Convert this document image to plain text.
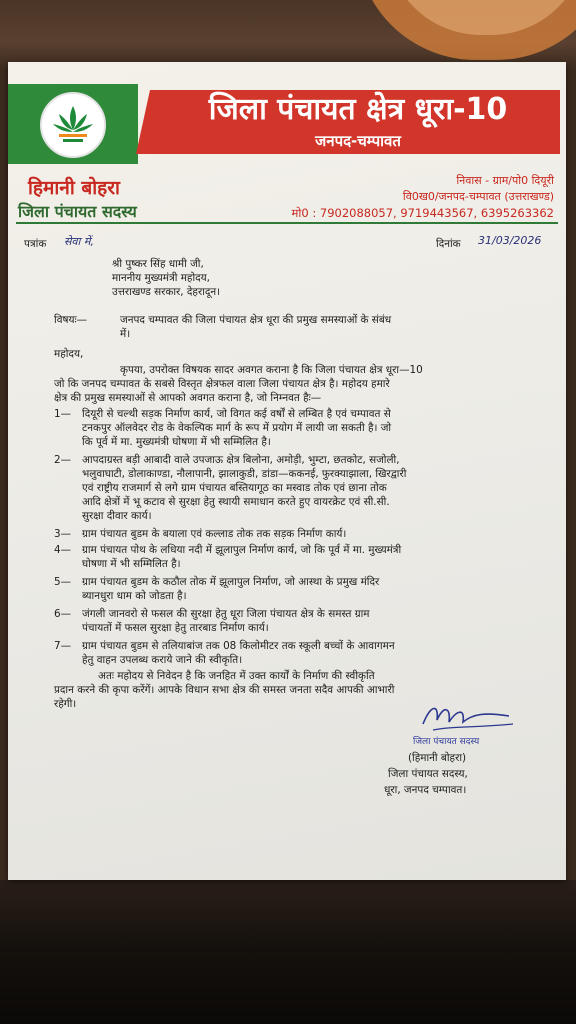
जिला पंचायत क्षेत्र धूरा-10
जनपद-चम्पावत
हिमानी बोहरा
जिला पंचायत सदस्य
निवास - ग्राम/पो0 दियूरी
वि0ख0/जनपद-चम्पावत (उत्तराखण्ड)
मो0 : 7902088057, 9719443567, 6395263362
पत्रांक सेवा में,	दिनांक 31/03/2026
श्री पुष्कर सिंह धामी जी,
माननीय मुख्यमंत्री महोदय,
उत्तराखण्ड सरकार, देहरादून।
विषयः—	जनपद चम्पावत की जिला पंचायत क्षेत्र धूरा की प्रमुख समस्याओं के संबंध
में।
महोदय,
कृपया, उपरोक्त विषयक सादर अवगत कराना है कि जिला पंचायत क्षेत्र धूरा—10
जो कि जनपद चम्पावत के सबसे विस्तृत क्षेत्रफल वाला जिला पंचायत क्षेत्र है। महोदय हमारे
क्षेत्र की प्रमुख समस्याओं से आपको अवगत कराना है, जो निम्नवत हैः—
1— दियूरी से चल्थी सड़क निर्माण कार्य, जो विगत कई वर्षों से लम्बित है एवं चम्पावत से
टनकपुर ऑलवेदर रोड के वेकल्पिक मार्ग के रूप में प्रयोग में लायी जा सकती है। जो
कि पूर्व में मा. मुख्यमंत्री घोषणा में भी सम्मिलित है।
2— आपदाग्रस्त बड़ी आबादी वाले उपजाऊ क्षेत्र बिलोना, अमोड़ी, भुम्टा, छतकोट, सजोली,
भलुवाघाटी, डोलाकाण्डा, नौलापानी, झालाकुडी, डांडा—ककनई, फुरक्याझाला, खिरद्वारी
एवं राष्ट्रीय राजमार्ग से लगे ग्राम पंचायत बस्तियागूठ का मस्वाड तोक एवं छाना तोक
आदि क्षेत्रों में भू कटाव से सुरक्षा हेतु स्थायी समाधान करते हुए वायरक्रेट एवं सी.सी.
सुरक्षा दीवार कार्य।
3— ग्राम पंचायत बुडम के बयाला एवं कल्लाड तोक तक सड़क निर्माण कार्य।
4— ग्राम पंचायत पोथ के लधिया नदी में झूलापुल निर्माण कार्य, जो कि पूर्व में मा. मुख्यमंत्री
घोषणा में भी सम्मिलित है।
5— ग्राम पंचायत बुडम के कठौल तोक में झूलापुल निर्माण, जो आस्था के प्रमुख मंदिर
ब्यानधुरा धाम को जोडता है।
6— जंगली जानवरो से फसल की सुरक्षा हेतु धूरा जिला पंचायत क्षेत्र के समस्त ग्राम
पंचायतों में फसल सुरक्षा हेतु तारबाड निर्माण कार्य।
7— ग्राम पंचायत बुडम से तलियाबांज तक 08 किलोमीटर तक स्कूली बच्चों के आवागमन
हेतु वाहन उपलब्ध कराये जाने की स्वीकृति।
अतः महोदय से निवेदन है कि जनहित में उक्त कार्यों के निर्माण की स्वीकृति
प्रदान करने की कृपा करेंगें। आपके विधान सभा क्षेत्र की समस्त जनता सदैव आपकी आभारी
रहेगी।
जिला पंचायत सदस्य
(हिमानी बोहरा)
जिला पंचायत सदस्य,
धूरा, जनपद चम्पावत।
